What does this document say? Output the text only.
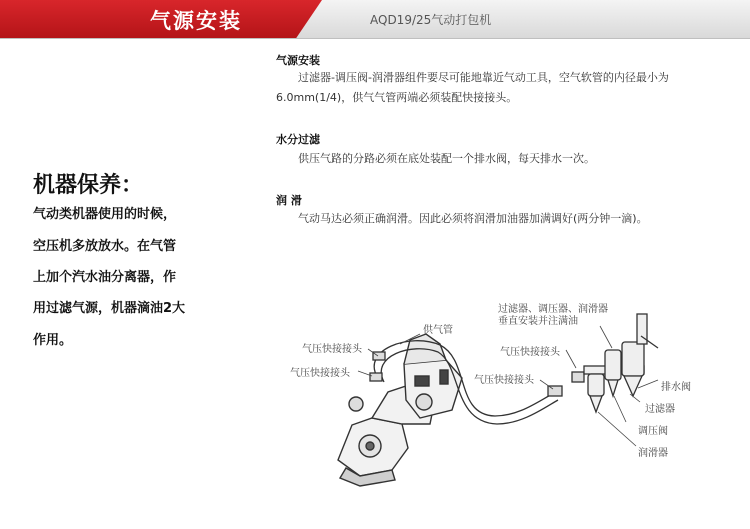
气源安装	AQD19/25气动打包机
机器保养：
气动类机器使用的时候，
空压机多放放水。在气管
上加个汽水油分离器，作
用过滤气源，机器滴油2大
作用。
气源安装
过滤器-调压阀-润滑器组件要尽可能地靠近气动工具，空气软管的内径最小为
6.0mm(1/4)，供气气管两端必须装配快接接头。
水分过滤
供压气路的分路必须在底处装配一个排水阀，每天排水一次。
润 滑
气动马达必须正确润滑。因此必须将润滑加油器加满调好(两分钟一滴)。
供气管
气压快接接头
气压快接接头
气压快接接头
气压快接接头
过滤器、调压器、润滑器
垂直安装并注满油
排水阀
过滤器
调压阀
润滑器
